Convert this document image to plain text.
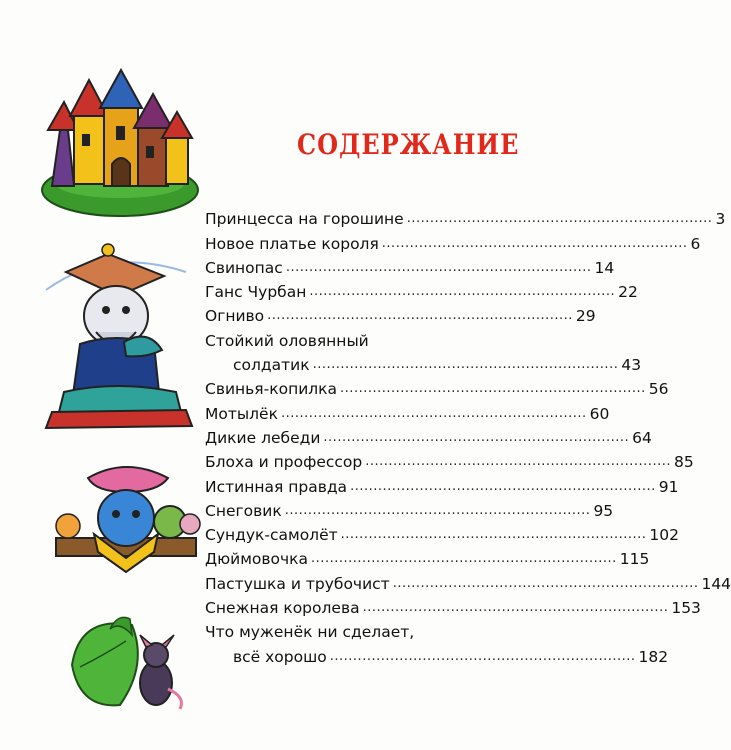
СОДЕРЖАНИЕ
Принцесса на горошине .................................................................. 3
Новое платье короля .................................................................. 6
Свинопас .................................................................. 14
Ганс Чурбан .................................................................. 22
Огниво .................................................................. 29
Стойкий оловянный
солдатик .................................................................. 43
Свинья-копилка .................................................................. 56
Мотылёк .................................................................. 60
Дикие лебеди .................................................................. 64
Блоха и профессор .................................................................. 85
Истинная правда .................................................................. 91
Снеговик .................................................................. 95
Сундук-самолёт .................................................................. 102
Дюймовочка .................................................................. 115
Пастушка и трубочист .................................................................. 144
Снежная королева .................................................................. 153
Что муженёк ни сделает,
всё хорошо .................................................................. 182
